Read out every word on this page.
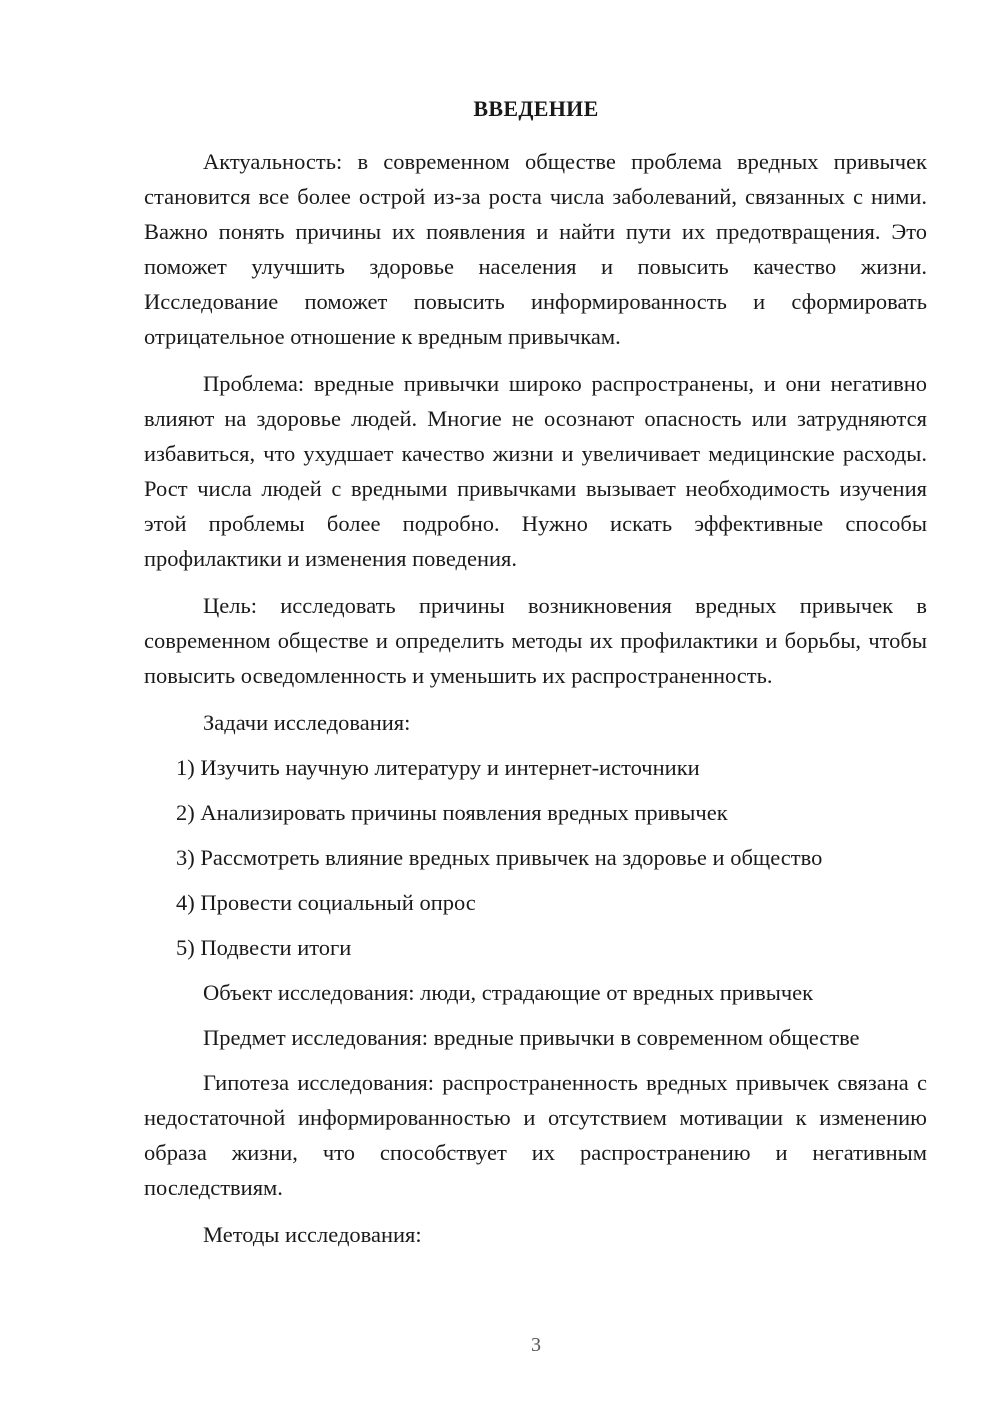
ВВЕДЕНИЕ

Актуальность: в современном обществе проблема вредных привычек становится все более острой из-за роста числа заболеваний, связанных с ними. Важно понять причины их появления и найти пути их предотвращения. Это поможет улучшить здоровье населения и повысить качество жизни. Исследование поможет повысить информированность и сформировать отрицательное отношение к вредным привычкам.

Проблема: вредные привычки широко распространены, и они негативно влияют на здоровье людей. Многие не осознают опасность или затрудняются избавиться, что ухудшает качество жизни и увеличивает медицинские расходы. Рост числа людей с вредными привычками вызывает необходимость изучения этой проблемы более подробно. Нужно искать эффективные способы профилактики и изменения поведения.

Цель: исследовать причины возникновения вредных привычек в современном обществе и определить методы их профилактики и борьбы, чтобы повысить осведомленность и уменьшить их распространенность.

Задачи исследования:

1) Изучить научную литературу и интернет-источники
2) Анализировать причины появления вредных привычек
3) Рассмотреть влияние вредных привычек на здоровье и общество
4) Провести социальный опрос
5) Подвести итоги

Объект исследования: люди, страдающие от вредных привычек

Предмет исследования: вредные привычки в современном обществе

Гипотеза исследования: распространенность вредных привычек связана с недостаточной информированностью и отсутствием мотивации к изменению образа жизни, что способствует их распространению и негативным последствиям.

Методы исследования:

3
